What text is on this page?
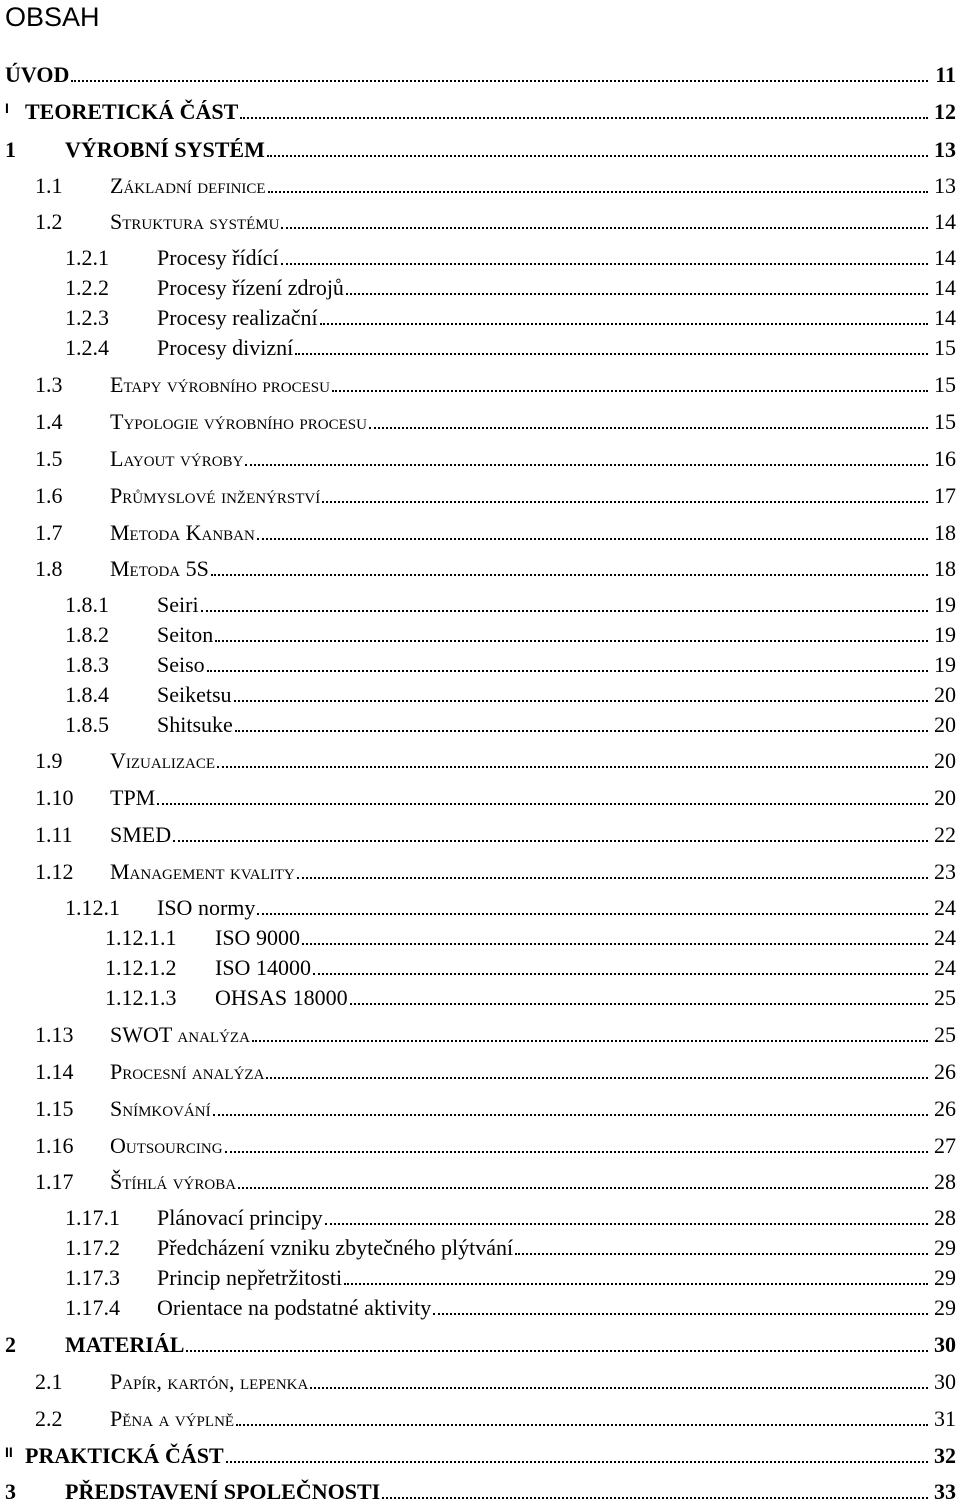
OBSAH
ÚVOD	11
I TEORETICKÁ ČÁST	12
1 VÝROBNÍ SYSTÉM	13
1.1 Základní definice	13
1.2 Struktura systému	14
1.2.1 Procesy řídící	14
1.2.2 Procesy řízení zdrojů	14
1.2.3 Procesy realizační	14
1.2.4 Procesy divizní	15
1.3 Etapy výrobního procesu	15
1.4 Typologie výrobního procesu	15
1.5 Layout výroby	16
1.6 Průmyslové inženýrství	17
1.7 Metoda Kanban	18
1.8 Metoda 5S	18
1.8.1 Seiri	19
1.8.2 Seiton	19
1.8.3 Seiso	19
1.8.4 Seiketsu	20
1.8.5 Shitsuke	20
1.9 Vizualizace	20
1.10 TPM	20
1.11 SMED	22
1.12 Management kvality	23
1.12.1 ISO normy	24
1.12.1.1 ISO 9000	24
1.12.1.2 ISO 14000	24
1.12.1.3 OHSAS 18000	25
1.13 SWOT analýza	25
1.14 Procesní analýza	26
1.15 Snímkování	26
1.16 Outsourcing	27
1.17 Štíhlá výroba	28
1.17.1 Plánovací principy	28
1.17.2 Předcházení vzniku zbytečného plýtvání	29
1.17.3 Princip nepřetržitosti	29
1.17.4 Orientace na podstatné aktivity	29
2 MATERIÁL	30
2.1 Papír, kartón, lepenka	30
2.2 Pěna a výplně	31
II PRAKTICKÁ ČÁST	32
3 PŘEDSTAVENÍ SPOLEČNOSTI	33
